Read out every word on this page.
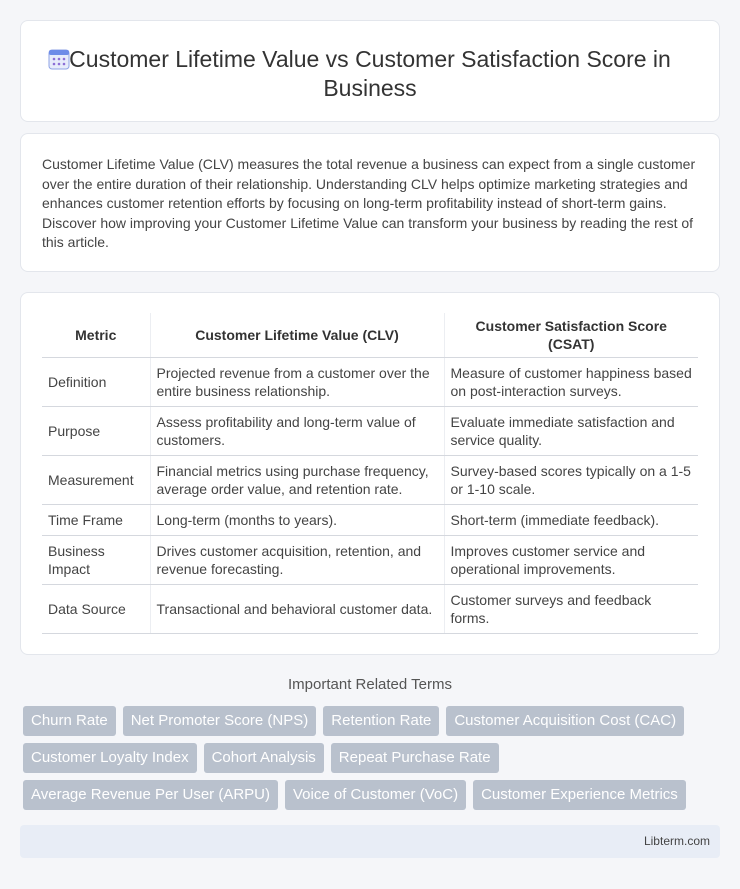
Customer Lifetime Value vs Customer Satisfaction Score in Business

Customer Lifetime Value (CLV) measures the total revenue a business can expect from a single customer over the entire duration of their relationship. Understanding CLV helps optimize marketing strategies and enhances customer retention efforts by focusing on long-term profitability instead of short-term gains. Discover how improving your Customer Lifetime Value can transform your business by reading the rest of this article.

Metric	Customer Lifetime Value (CLV)	Customer Satisfaction Score (CSAT)
Definition	Projected revenue from a customer over the entire business relationship.	Measure of customer happiness based on post-interaction surveys.
Purpose	Assess profitability and long-term value of customers.	Evaluate immediate satisfaction and service quality.
Measurement	Financial metrics using purchase frequency, average order value, and retention rate.	Survey-based scores typically on a 1-5 or 1-10 scale.
Time Frame	Long-term (months to years).	Short-term (immediate feedback).
Business Impact	Drives customer acquisition, retention, and revenue forecasting.	Improves customer service and operational improvements.
Data Source	Transactional and behavioral customer data.	Customer surveys and feedback forms.
Important Related Terms
Churn Rate	Net Promoter Score (NPS)	Retention Rate	Customer Acquisition Cost (CAC)
Customer Loyalty Index	Cohort Analysis	Repeat Purchase Rate
Average Revenue Per User (ARPU)	Voice of Customer (VoC)	Customer Experience Metrics
Libterm.com
